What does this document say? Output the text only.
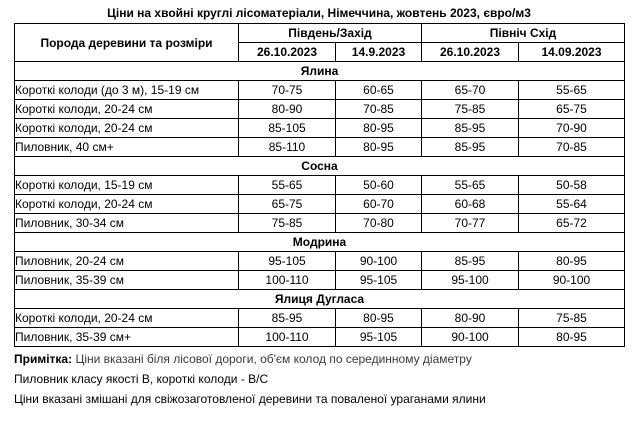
Ціни на хвойні круглі лісоматеріали, Німеччина, жовтень 2023, євро/м3
Порода деревини та розміри	Південь/Захід		Північ Схід	
	26.10.2023	14.9.2023	26.10.2023	14.09.2023
Ялина				
Короткі колоди (до 3 м), 15-19 см	70-75	60-65	65-70	55-65
Короткі колоди, 20-24 см	80-90	70-85	75-85	65-75
Короткі колоди, 20-24 см	85-105	80-95	85-95	70-90
Пиловник, 40 см+	85-110	80-95	85-95	70-85
Сосна				
Короткі колоди, 15-19 см	55-65	50-60	55-65	50-58
Короткі колоди, 20-24 см	65-75	60-70	60-68	55-64
Пиловник, 30-34 см	75-85	70-80	70-77	65-72
Модрина				
Пиловник, 20-24 см	95-105	90-100	85-95	80-95
Пиловник, 35-39 см	100-110	95-105	95-100	90-100
Ялиця Дугласа				
Короткі колоди, 20-24 см	85-95	80-95	80-90	75-85
Пиловник, 35-39 см+	100-110	95-105	90-100	80-95
Примітка: Ціни вказані біля лісової дороги, об'єм колод по серединному діаметру
Пиловник класу якості B, короткі колоди - B/C
Ціни вказані змішані для свіжозаготовленої деревини та поваленої ураганами ялини
